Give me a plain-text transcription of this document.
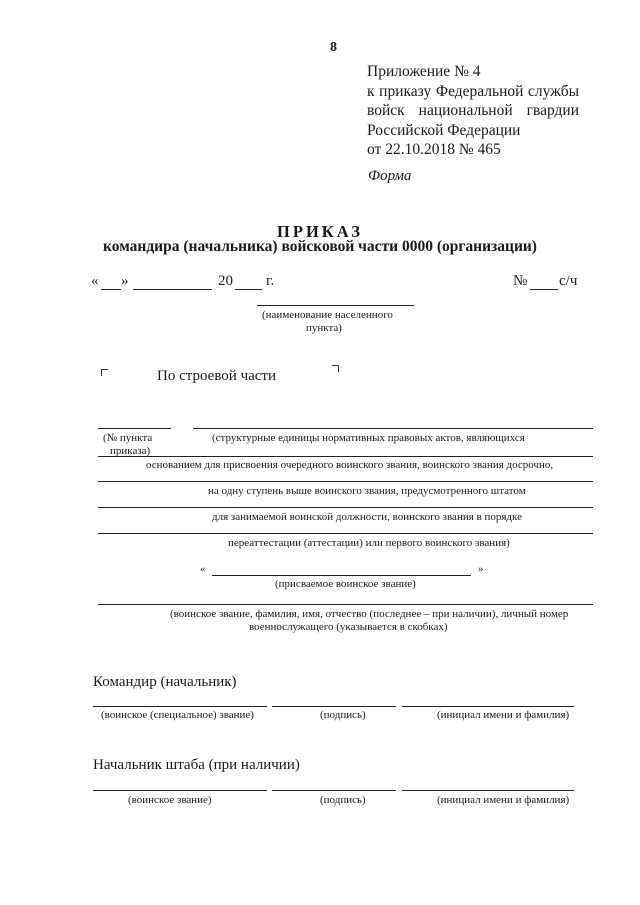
8
Приложение № 4
к приказу Федеральной службы
войск национальной гвардии
Российской Федерации
от 22.10.2018 № 465
Форма
ПРИКАЗ
командира (начальника) войсковой части 0000 (организации)
« »	20 г.	№ с/ч
(наименование населенного
пункта)
По строевой части
(№ пункта
приказа)
(структурные единицы нормативных правовых актов, являющихся
основанием для присвоения очередного воинского звания, воинского звания досрочно,
на одну ступень выше воинского звания, предусмотренного штатом
для занимаемой воинской должности, воинского звания в порядке
переаттестации (аттестации) или первого воинского звания)
«	»
(присваемое воинское звание)
(воинское звание, фамилия, имя, отчество (последнее – при наличии), личный номер
военнослужащего (указывается в скобках)
Командир (начальник)
(воинское (специальное) звание)	(подпись)	(инициал имени и фамилия)
Начальник штаба (при наличии)
(воинское звание)	(подпись)	(инициал имени и фамилия)
